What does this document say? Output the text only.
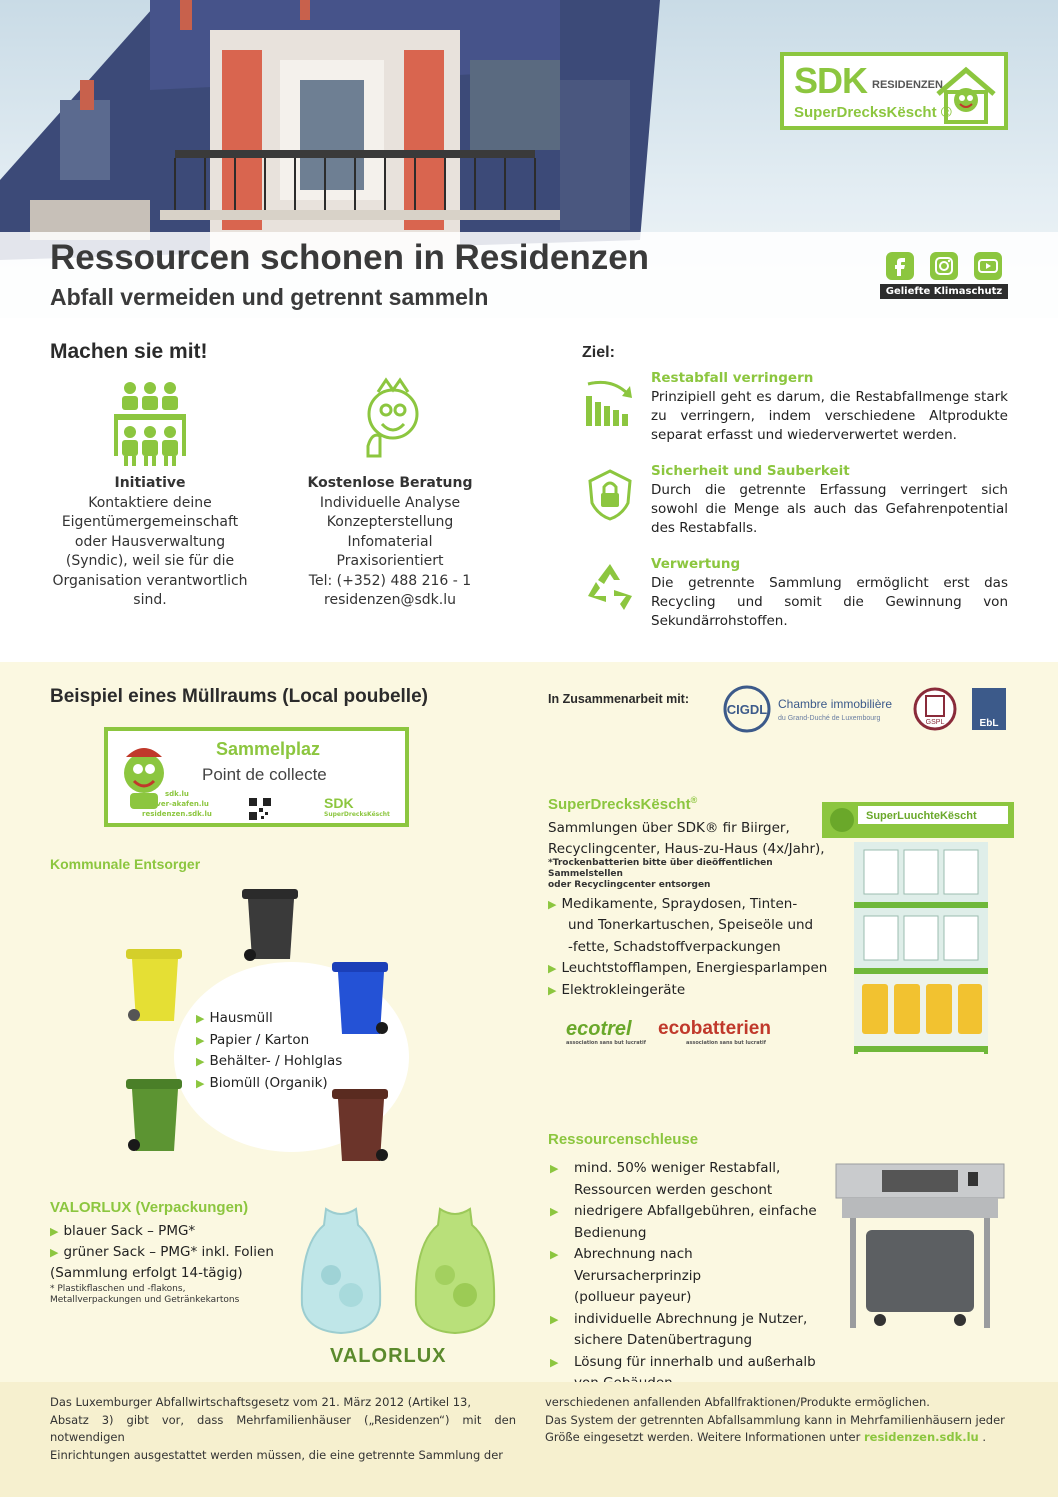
Ressourcen schonen in Residenzen
Abfall vermeiden und getrennt sammeln
SDK RESIDENZEN
SuperDrecksKëscht ®
Geliefte Klimaschutz
Machen sie mit!
Initiative
Kontaktiere deine
Eigentümergemeinschaft
oder Hausverwaltung
(Syndic), weil sie für die
Organisation verantwortlich
sind.
Kostenlose Beratung
Individuelle Analyse
Konzepterstellung
Infomaterial
Praxisorientiert
Tel: (+352) 488 216 - 1
residenzen@sdk.lu
Ziel:
Restabfall verringern
Prinzipiell geht es darum, die Restabfallmenge stark zu verringern, indem verschiedene Altprodukte separat erfasst und wiederverwertet werden.
Sicherheit und Sauberkeit
Durch die getrennte Erfassung verringert sich sowohl die Menge als auch das Gefahrenpotential des Restabfalls.
Verwertung
Die getrennte Sammlung ermöglicht erst das Recycling und somit die Gewinnung von Sekundärrohstoffen.
Beispiel eines Müllraums (Local poubelle)	In Zusammenarbeit mit:
CIGDL Chambre immobilière
du Grand-Duché de Luxembourg
GSPL	EbL
Sammelplaz
Point de collecte
sdk.lu
clever-akafen.lu
residenzen.sdk.lu
SDK
SuperDrecksKëscht
Kommunale Entsorger
▶ Hausmüll
▶ Papier / Karton
▶ Behälter- / Hohlglas
▶ Biomüll (Organik)
VALORLUX (Verpackungen)
▶ blauer Sack – PMG*
▶ grüner Sack – PMG* inkl. Folien
(Sammlung erfolgt 14-tägig)
* Plastikflaschen und -flakons,
Metallverpackungen und Getränkekartons
VALORLUX
SuperDrecksKëscht®
Sammlungen über SDK® fir Biirger,
Recyclingcenter, Haus-zu-Haus (4x/Jahr),
*Trockenbatterien bitte über dieöffentlichen Sammelstellen
oder Recyclingcenter entsorgen
▶ Medikamente, Spraydosen, Tinten-
und Tonerkartuschen, Speiseöle und
-fette, Schadstoffverpackungen
▶ Leuchtstofflampen, Energiesparlampen
▶ Elektrokleingeräte
ecotrel
association sans but lucratif
ecobatterien
association sans but lucratif
SuperLuuchteKëscht
Ressourcenschleuse
▶ mind. 50% weniger Restabfall,
Ressourcen werden geschont
▶ niedrigere Abfallgebühren, einfache
Bedienung
▶ Abrechnung nach Verursacherprinzip
(pollueur payeur)
▶ individuelle Abrechnung je Nutzer,
sichere Datenübertragung
▶ Lösung für innerhalb und außerhalb
Das Luxemburger Abfallwirtschaftsgesetz vom 21. März 2012 (Artikel 13,
Absatz 3) gibt vor, dass Mehrfamilienhäuser („Residenzen“) mit den notwendigen
Einrichtungen ausgestattet werden müssen, die eine getrennte Sammlung der
verschiedenen anfallenden Abfallfraktionen/Produkte ermöglichen.
Das System der getrennten Abfallsammlung kann in Mehrfamilienhäusern jeder
Größe eingesetzt werden. Weitere Informationen unter residenzen.sdk.lu .
